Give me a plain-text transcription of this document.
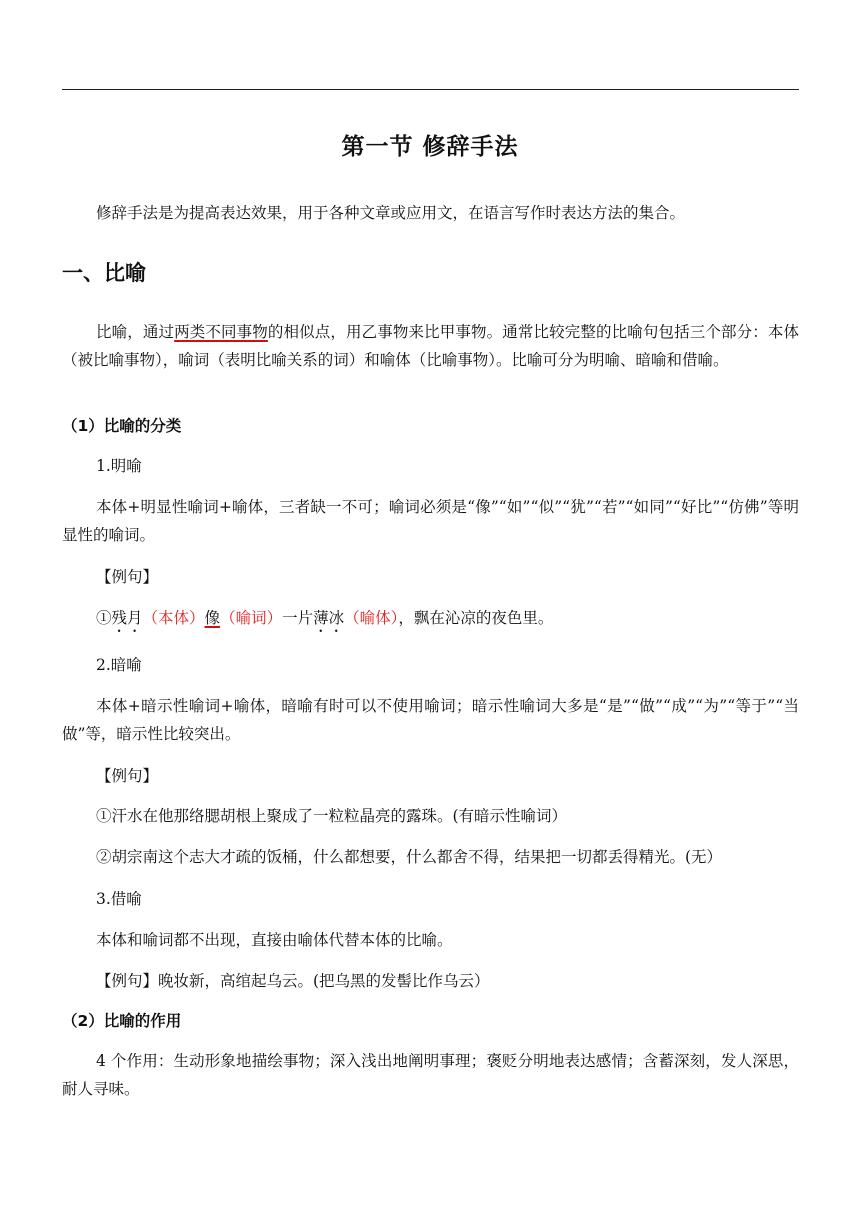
第一节 修辞手法
修辞手法是为提高表达效果，用于各种文章或应用文，在语言写作时表达方法的集合。
一、比喻
比喻，通过两类不同事物的相似点，用乙事物来比甲事物。通常比较完整的比喻句包括三个部分：本体（被比喻事物），喻词（表明比喻关系的词）和喻体（比喻事物）。比喻可分为明喻、暗喻和借喻。
（1）比喻的分类
1.明喻
本体+明显性喻词+喻体，三者缺一不可；喻词必须是“像”“如”“似”“犹”“若”“如同”“好比”“仿佛”等明显性的喻词。
【例句】
①残月（本体）像（喻词）一片薄冰（喻体），飘在沁凉的夜色里。
2.暗喻
本体+暗示性喻词+喻体，暗喻有时可以不使用喻词；暗示性喻词大多是“是”“做”“成”“为”“等于”“当做”等，暗示性比较突出。
【例句】
①汗水在他那络腮胡根上聚成了一粒粒晶亮的露珠。(有暗示性喻词）
②胡宗南这个志大才疏的饭桶，什么都想要，什么都舍不得，结果把一切都丢得精光。(无）
3.借喻
本体和喻词都不出现，直接由喻体代替本体的比喻。
【例句】晚妆新，高绾起乌云。(把乌黑的发髻比作乌云）
（2）比喻的作用
4 个作用：生动形象地描绘事物；深入浅出地阐明事理；褒贬分明地表达感情；含蓄深刻，发人深思，耐人寻味。
